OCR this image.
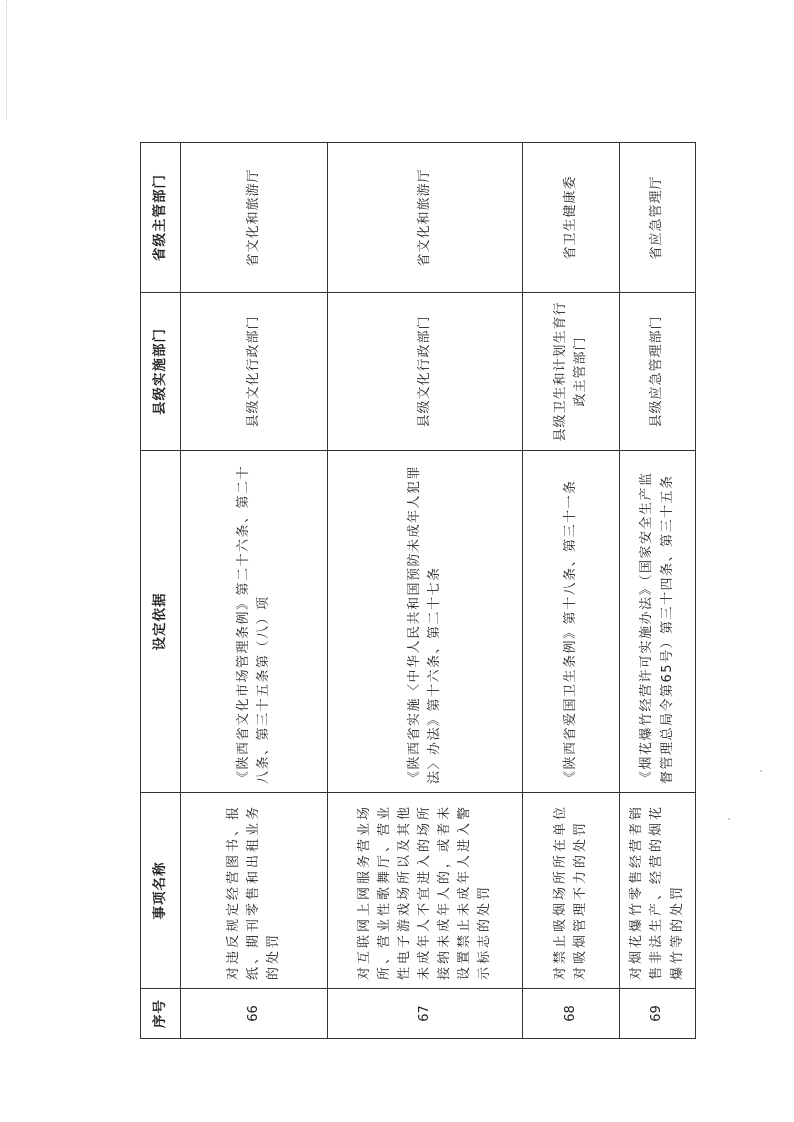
序号	事项名称	设定依据	县级实施部门	省级主管部门
66	对违反规定经营图书、报纸、期刊零售和出租业务的处罚	《陕西省文化市场管理条例》第二十六条、第二十八条、第三十五条第（八）项	县级文化行政部门	省文化和旅游厅
67	对互联网上网服务营业场所、营业性歌舞厅、营业性电子游戏场所以及其他未成年人不宜进入的场所接纳未成年人的，或者未设置禁止未成年人进入警示标志的处罚	《陕西省实施〈中华人民共和国预防未成年人犯罪法〉办法》第十六条、第二十七条	县级文化行政部门	省文化和旅游厅
68	对禁止吸烟场所所在单位对吸烟管理不力的处罚	《陕西省爱国卫生条例》第十八条、第三十一条	县级卫生和计划生育行政主管部门	省卫生健康委
69	对烟花爆竹零售经营者销售非法生产、经营的烟花爆竹等的处罚	《烟花爆竹经营许可实施办法》（国家安全生产监督管理总局令第65号）第三十四条、第三十五条	县级应急管理部门	省应急管理厅
